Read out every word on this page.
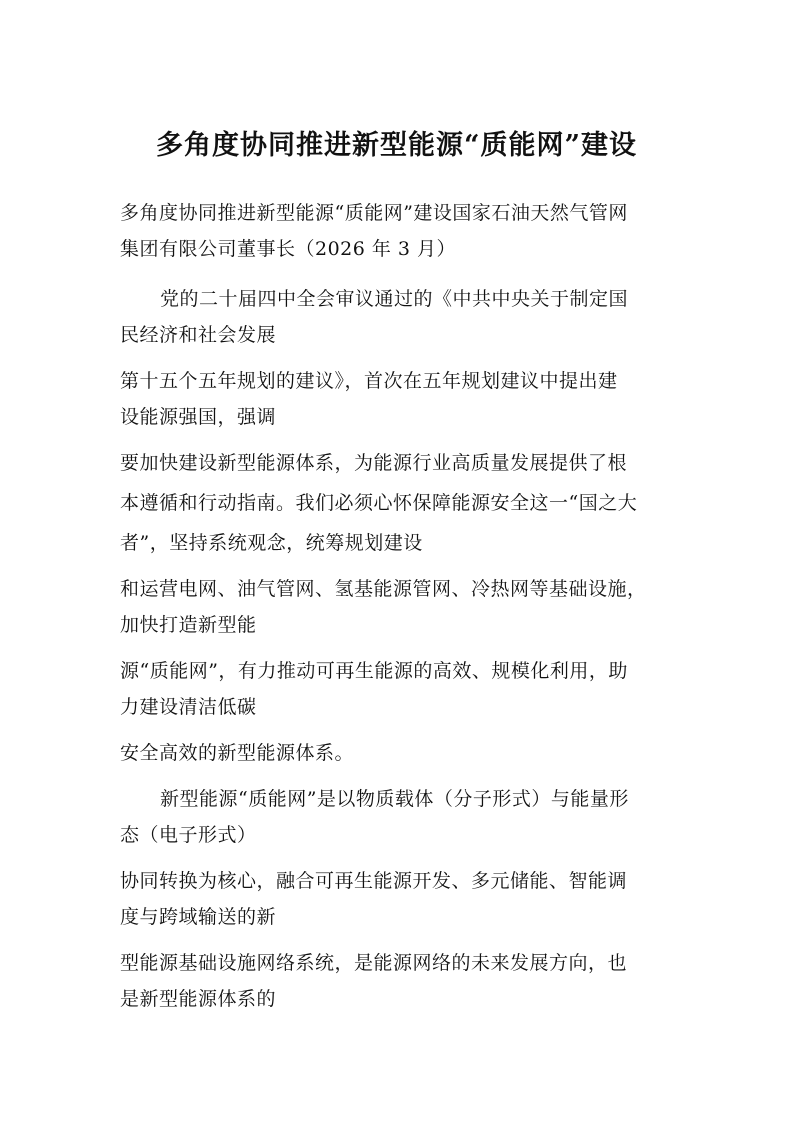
多角度协同推进新型能源“质能网”建设
多角度协同推进新型能源“质能网”建设国家石油天然气管网
集团有限公司董事长（2026 年 3 月）
党的二十届四中全会审议通过的《中共中央关于制定国
民经济和社会发展
第十五个五年规划的建议》，首次在五年规划建议中提出建
设能源强国，强调
要加快建设新型能源体系，为能源行业高质量发展提供了根
本遵循和行动指南。我们必须心怀保障能源安全这一“国之大
者”，坚持系统观念，统筹规划建设
和运营电网、油气管网、氢基能源管网、冷热网等基础设施，
加快打造新型能
源“质能网”，有力推动可再生能源的高效、规模化利用，助
力建设清洁低碳
安全高效的新型能源体系。
新型能源“质能网”是以物质载体（分子形式）与能量形
态（电子形式）
协同转换为核心，融合可再生能源开发、多元储能、智能调
度与跨域输送的新
型能源基础设施网络系统，是能源网络的未来发展方向，也
是新型能源体系的
